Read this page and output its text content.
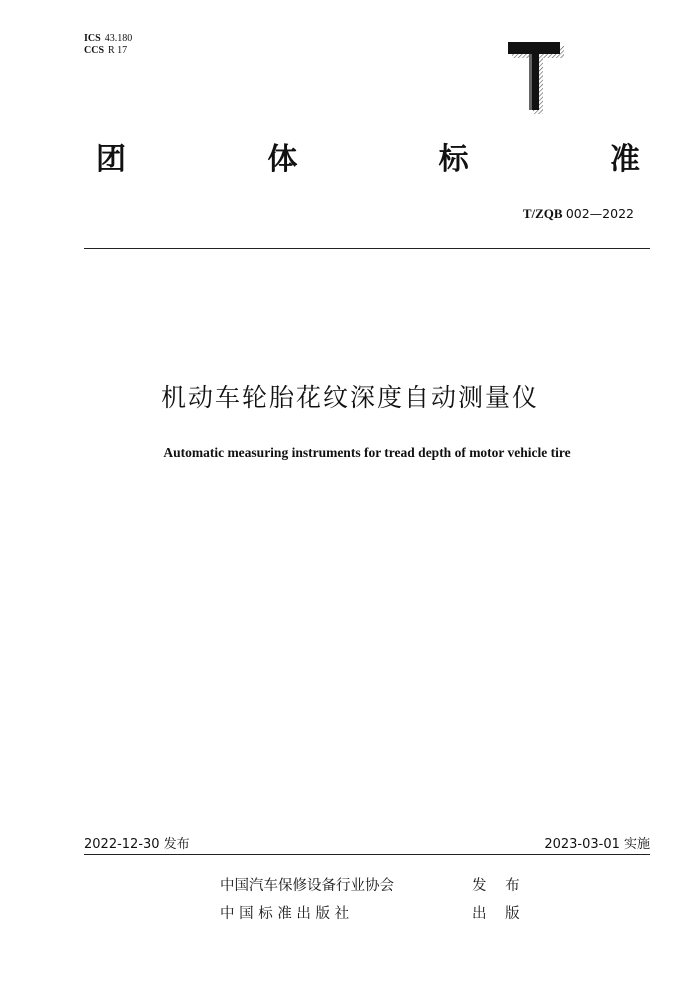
ICS 43.180
CCS R 17
团	体	标	准
T/ZQB 002—2022
机动车轮胎花纹深度自动测量仪
Automatic measuring instruments for tread depth of motor vehicle tire
2022-12-30 发布	2023-03-01 实施
中国汽车保修设备行业协会	发 布
中 国 标 准 出 版 社	出 版
